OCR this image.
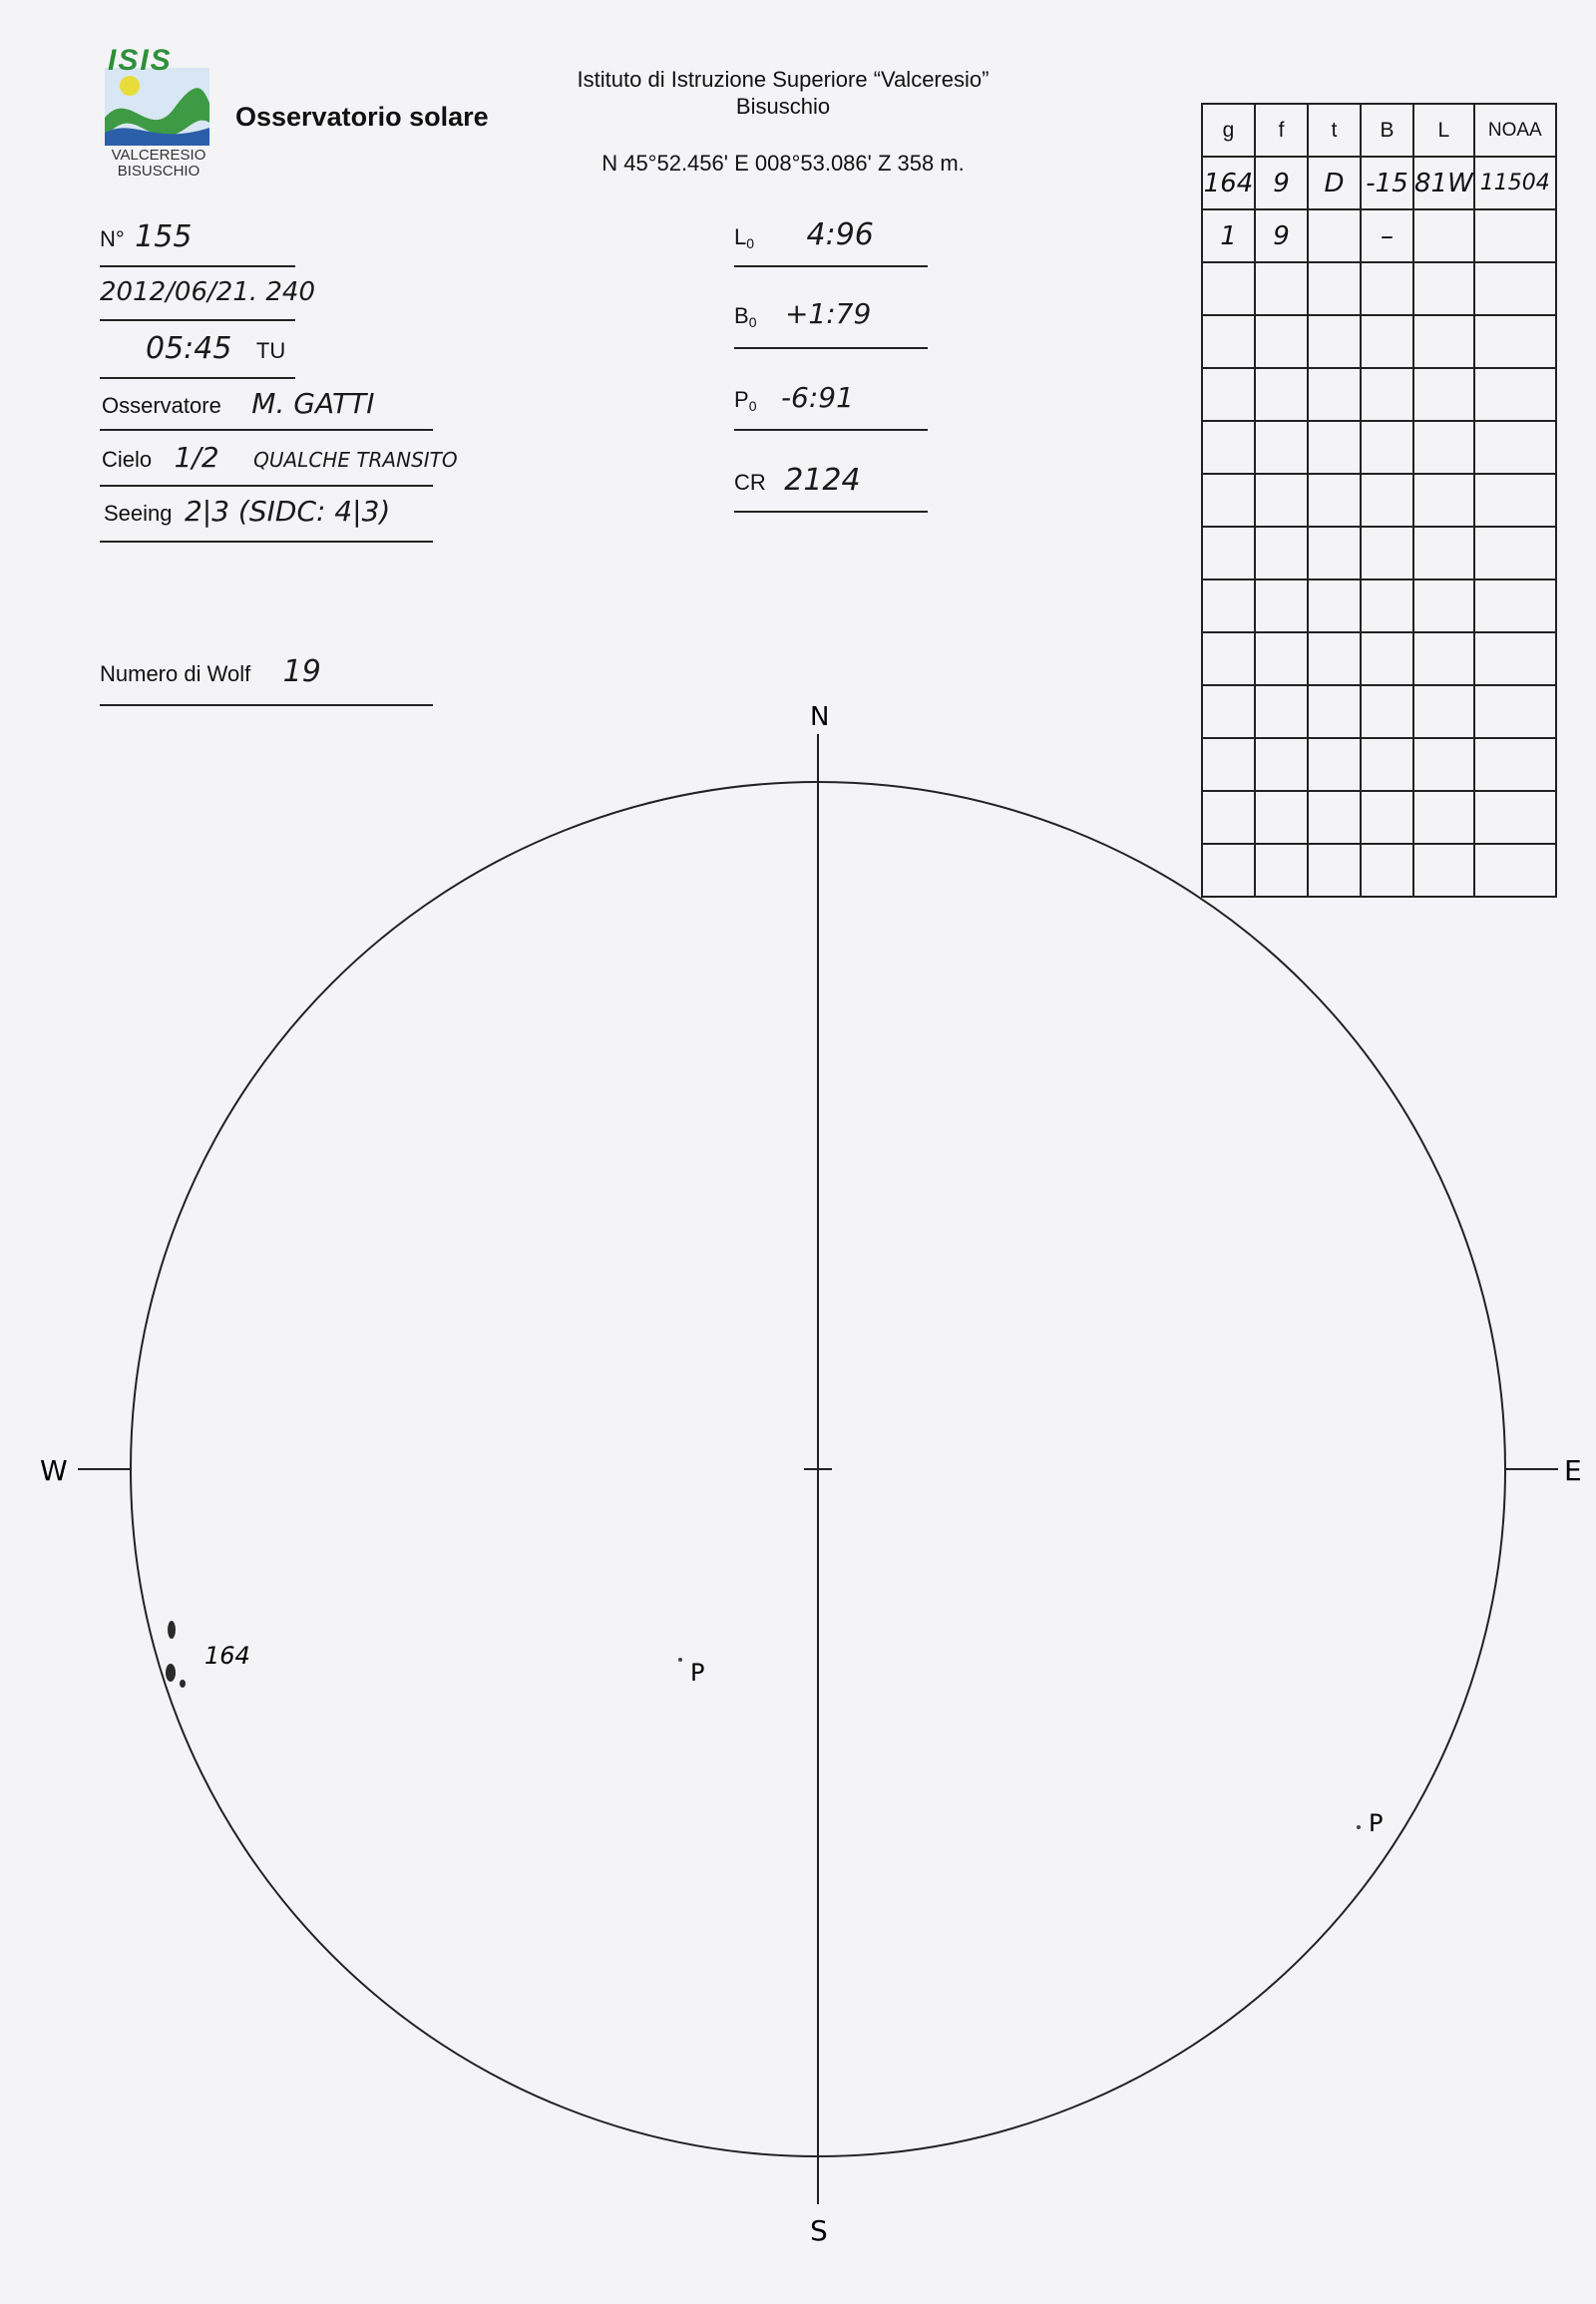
ISIS
VALCERESIO
BISUSCHIO
Osservatorio solare
Istituto di Istruzione Superiore “Valceresio”
Bisuschio
N 45°52.456' E 008°53.086' Z 358 m.
N° 155
2012/06/21. 240
05:45 TU
Osservatore M. GATTI
Cielo 1/2 QUALCHE TRANSITO
Seeing 2|3 (SIDC: 4|3)
Numero di Wolf 19
$L_0$ 4:96
$B_0$ +1:79
$P_0$ -6:91
CR 2124
g	f	t	B	L	NOAA
164	9	D	-15	81W	11504
1	9		–		

N
S
W	E
164
P
P
